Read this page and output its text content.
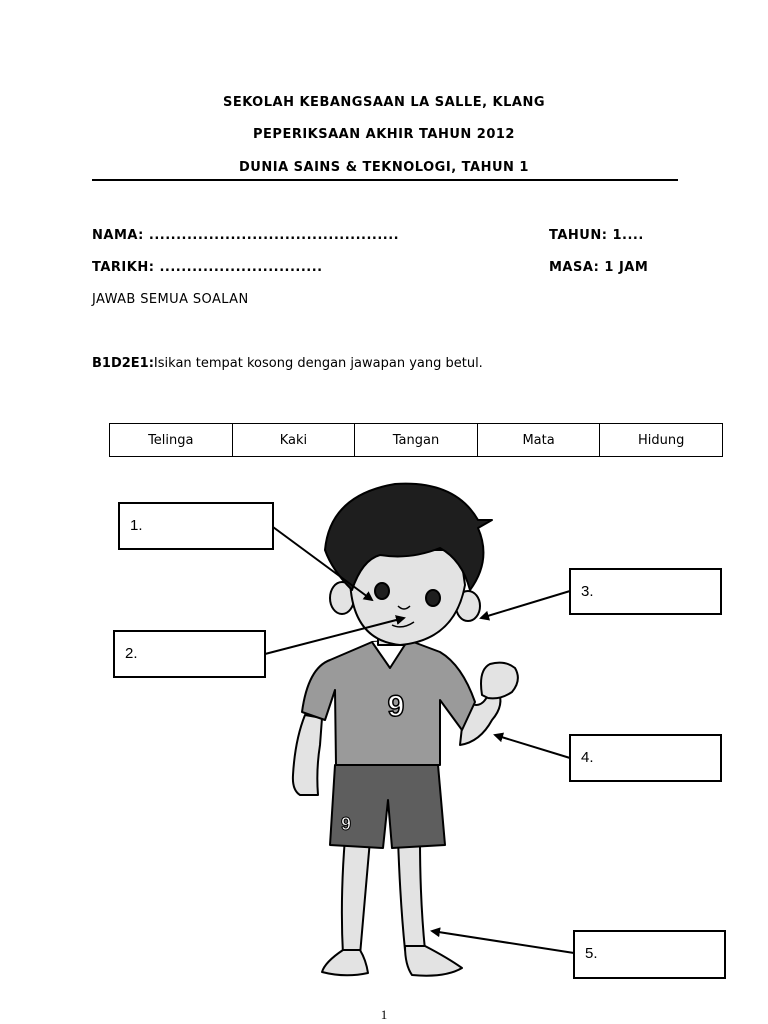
SEKOLAH KEBANGSAAN LA SALLE, KLANG
PEPERIKSAAN AKHIR TAHUN 2012
DUNIA SAINS & TEKNOLOGI, TAHUN 1
NAMA: ..............................................	TAHUN: 1....
TARIKH: ..............................	MASA: 1 JAM
JAWAB SEMUA SOALAN
B1D2E1:Isikan tempat kosong dengan jawapan yang betul.
Telinga	Kaki	Tangan	Mata	Hidung
9
9
1.
2.
3.
4.
5.
1
